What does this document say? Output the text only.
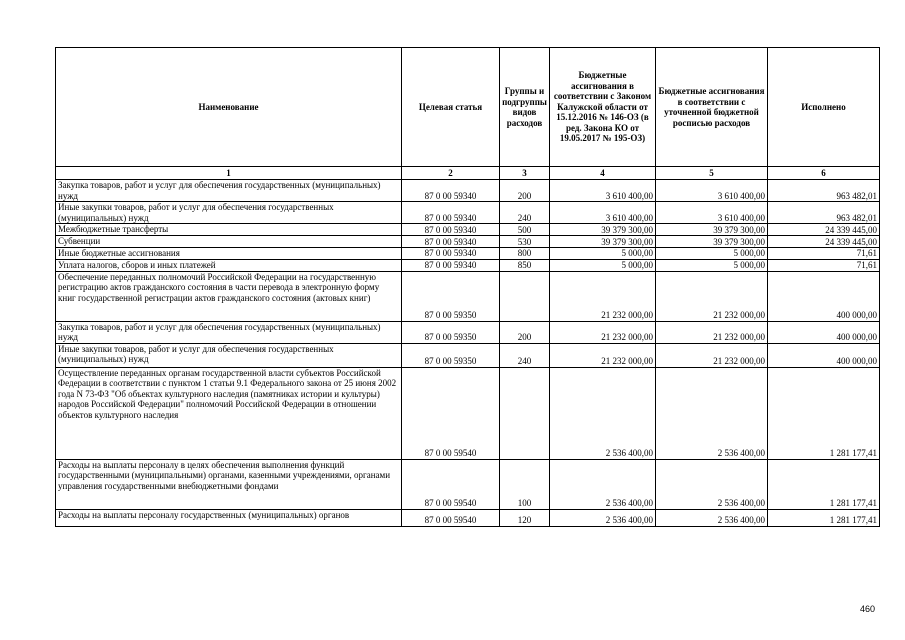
Наименование	Целевая статья	Группы и подгруппы видов расходов	Бюджетные ассигнования в соответствии с Законом Калужской области от 15.12.2016 № 146-ОЗ (в ред. Закона КО от 19.05.2017 № 195-ОЗ)	Бюджетные ассигнования в соответствии с уточненной бюджетной росписью расходов	Исполнено
1	2	3	4	5	6
Закупка товаров, работ и услуг для обеспечения государственных (муниципальных) нужд	87 0 00 59340	200	3 610 400,00	3 610 400,00	963 482,01
Иные закупки товаров, работ и услуг для обеспечения государственных (муниципальных) нужд	87 0 00 59340	240	3 610 400,00	3 610 400,00	963 482,01
Межбюджетные трансферты	87 0 00 59340	500	39 379 300,00	39 379 300,00	24 339 445,00
Субвенции	87 0 00 59340	530	39 379 300,00	39 379 300,00	24 339 445,00
Иные бюджетные ассигнования	87 0 00 59340	800	5 000,00	5 000,00	71,61
Уплата налогов, сборов и иных платежей	87 0 00 59340	850	5 000,00	5 000,00	71,61
Обеспечение переданных полномочий Российской Федерации на государственную регистрацию актов гражданского состояния в части перевода в электронную форму книг государственной регистрации актов гражданского состояния (актовых книг)	87 0 00 59350		21 232 000,00	21 232 000,00	400 000,00
Закупка товаров, работ и услуг для обеспечения государственных (муниципальных) нужд	87 0 00 59350	200	21 232 000,00	21 232 000,00	400 000,00
Иные закупки товаров, работ и услуг для обеспечения государственных (муниципальных) нужд	87 0 00 59350	240	21 232 000,00	21 232 000,00	400 000,00
Осуществление переданных органам государственной власти субъектов Российской Федерации в соответствии с пунктом 1 статьи 9.1 Федерального закона от 25 июня 2002 года N 73-ФЗ "Об объектах культурного наследия (памятниках истории и культуры) народов Российской Федерации" полномочий Российской Федерации в отношении объектов культурного наследия	87 0 00 59540		2 536 400,00	2 536 400,00	1 281 177,41
Расходы на выплаты персоналу в целях обеспечения выполнения функций государственными (муниципальными) органами, казенными учреждениями, органами управления государственными внебюджетными фондами	87 0 00 59540	100	2 536 400,00	2 536 400,00	1 281 177,41
Расходы на выплаты персоналу государственных (муниципальных) органов	87 0 00 59540	120	2 536 400,00	2 536 400,00	1 281 177,41
460
